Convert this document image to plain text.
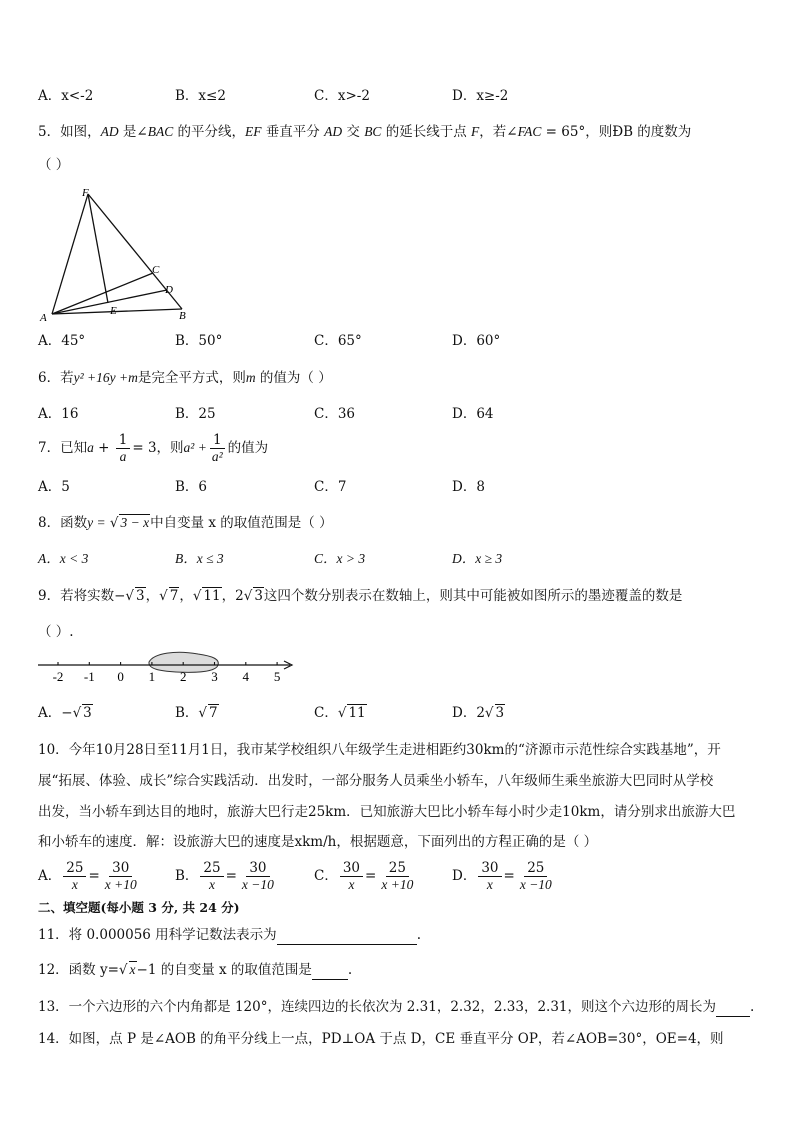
A．x<-2	B．x≤2	C．x>-2	D．x≥-2
5．如图，AD 是∠BAC 的平分线，EF 垂直平分 AD 交 BC 的延长线于点 F，若∠FAC = 65°，则ÐB 的度数为
（ ）
F
C
D
A
E	B
A．45°	B．50°	C．65°	D．60°
6．若y² +16y +m是完全平方式，则m 的值为（ ）
A．16	B．25	C．36	D．64
7．已知$a + \frac{1}{a} = 3$，则$a^2 + \frac{1}{\text{a²}}$ 的值为
A．5	B．6	C．7	D．8
8．函数y = √ 3 − x中自变量 x 的取值范围是（ ）
A．x < 3	B．x ≤ 3	C．x > 3	D．x ≥ 3
9．若将实数−√ 3，√ 7，√ 11，2√ 3这四个数分别表示在数轴上，则其中可能被如图所示的墨迹覆盖的数是
（ ）.
-2 -1 0 1 2 3 4 5
A．−√ 3	B．√ 7	C．√ 11	D．2√ 3
10．今年10月28日至11月1日，我市某学校组织八年级学生走进相距约30km的“济源市示范性综合实践基地”，开
展“拓展、体验、成长”综合实践活动．出发时，一部分服务人员乘坐小轿车，八年级师生乘坐旅游大巴同时从学校
出发，当小轿车到达目的地时，旅游大巴行走25km．已知旅游大巴比小轿车每小时少走10km，请分别求出旅游大巴
和小轿车的速度．解：设旅游大巴的速度是xkm/h，根据题意，下面列出的方程正确的是（ ）
A． $\frac{25}{x} = \frac{30}{x +10}$	B． $\frac{25}{x} = \frac{30}{x -10}$	C． $\frac{30}{x} = \frac{25}{x +10}$	D． $\frac{30}{x} = \frac{25}{x -10}$
二、填空题(每小题 3 分, 共 24 分)
11．将 0.000056 用科学记数法表示为	.
12．函数 y=√ x−1 的自变量 x 的取值范围是	.
13．一个六边形的六个内角都是 120°，连续四边的长依次为 2.31，2.32，2.33，2.31，则这个六边形的周长为	.
14．如图，点 P 是∠AOB 的角平分线上一点，PD⊥OA 于点 D，CE 垂直平分 OP，若∠AOB=30°，OE=4，则
